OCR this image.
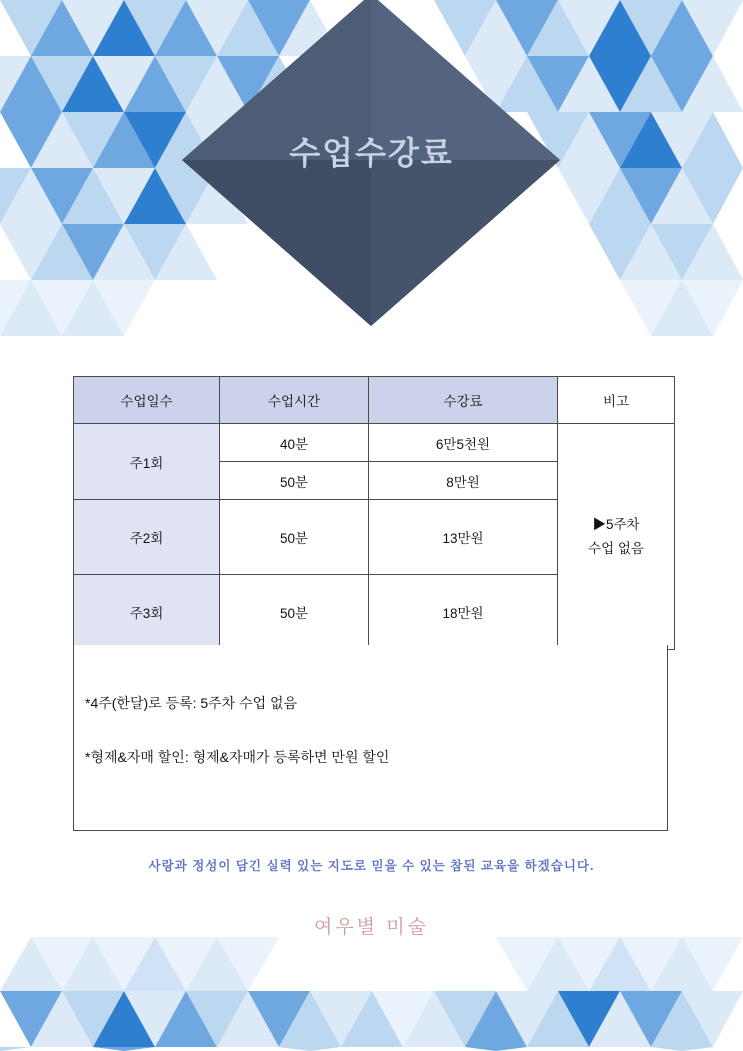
수업수강료
수업일수	수업시간	수강료	비고
주1회	40분	6만5천원	▶5주차
수업 없음

	50분	8만원	
주2회	50분	13만원	
주3회	50분	18만원	
*4주(한달)로 등록: 5주차 수업 없음
*형제&자매 할인: 형제&자매가 등록하면 만원 할인
사랑과 정성이 담긴 실력 있는 지도로 믿을 수 있는 참된 교육을 하겠습니다.
여우별 미술
